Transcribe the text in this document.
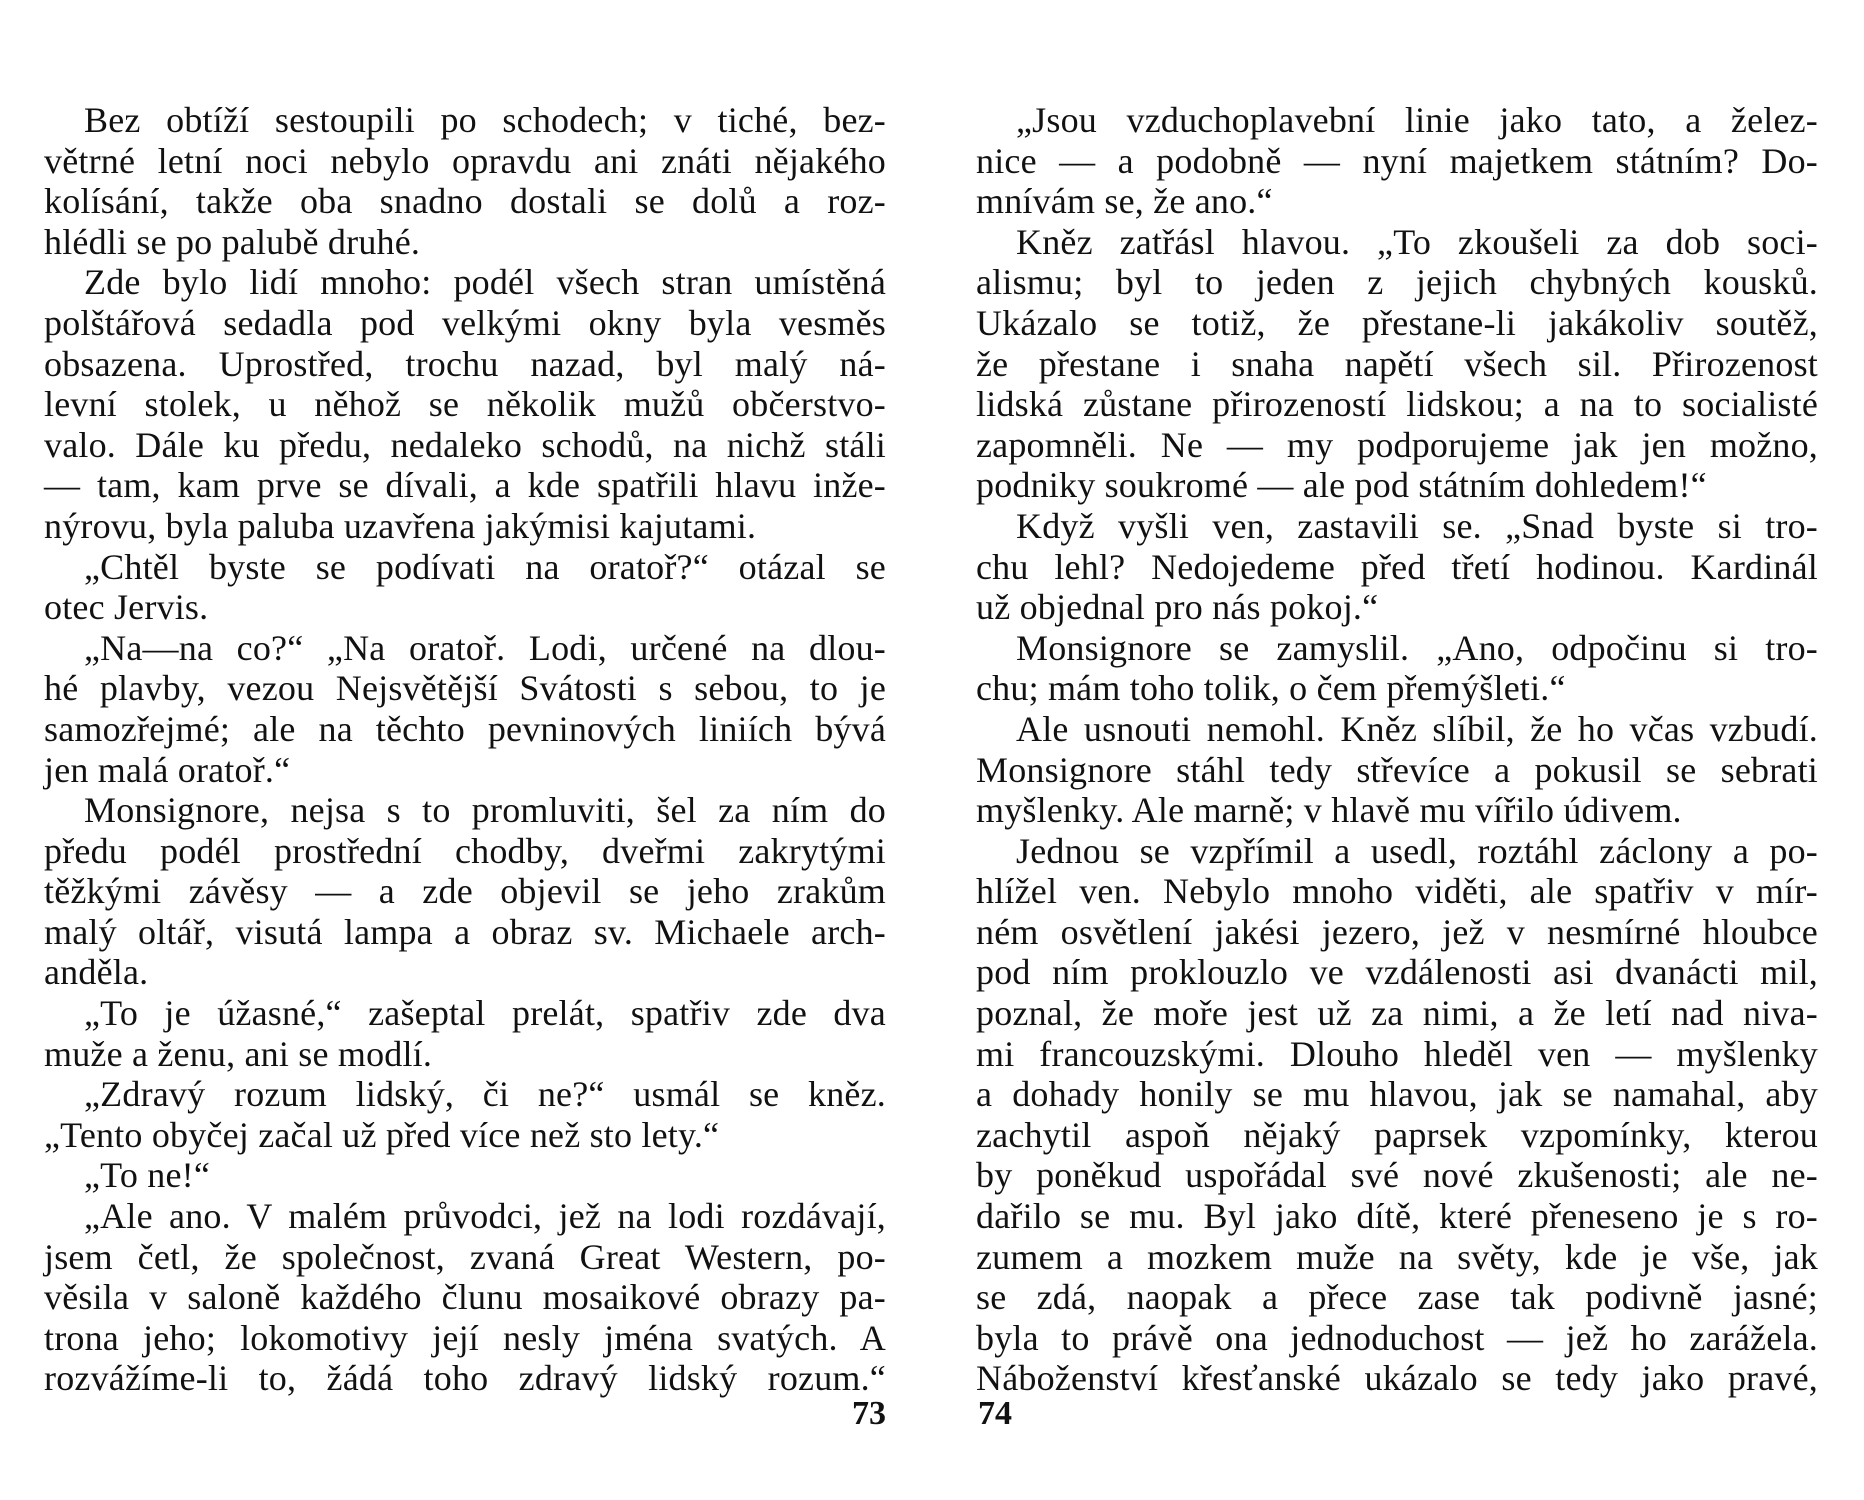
Bez obtíží sestoupili po schodech; v tiché, bez-
větrné letní noci nebylo opravdu ani znáti nějakého
kolísání, takže oba snadno dostali se dolů a roz-
hlédli se po palubě druhé.
Zde bylo lidí mnoho: podél všech stran umístěná
polštářová sedadla pod velkými okny byla vesměs
obsazena. Uprostřed, trochu nazad, byl malý ná-
levní stolek, u něhož se několik mužů občerstvo-
valo. Dále ku předu, nedaleko schodů, na nichž stáli
— tam, kam prve se dívali, a kde spatřili hlavu inže-
nýrovu, byla paluba uzavřena jakýmisi kajutami.
„Chtěl byste se podívati na oratoř?“ otázal se
otec Jervis.
„Na—na co?“ „Na oratoř. Lodi, určené na dlou-
hé plavby, vezou Nejsvětější Svátosti s sebou, to je
samozřejmé; ale na těchto pevninových liniích bývá
jen malá oratoř.“
Monsignore, nejsa s to promluviti, šel za ním do
předu podél prostřední chodby, dveřmi zakrytými
těžkými závěsy — a zde objevil se jeho zrakům
malý oltář, visutá lampa a obraz sv. Michaele arch-
anděla.
„To je úžasné,“ zašeptal prelát, spatřiv zde dva
muže a ženu, ani se modlí.
„Zdravý rozum lidský, či ne?“ usmál se kněz.
„Tento obyčej začal už před více než sto lety.“
„To ne!“
„Ale ano. V malém průvodci, jež na lodi rozdávají,
jsem četl, že společnost, zvaná Great Western, po-
věsila v saloně každého člunu mosaikové obrazy pa-
trona jeho; lokomotivy její nesly jména svatých. A
rozvážíme-li to, žádá toho zdravý lidský rozum.“
„Jsou vzduchoplavební linie jako tato, a želez-
nice — a podobně — nyní majetkem státním? Do-
mnívám se, že ano.“
Kněz zatřásl hlavou. „To zkoušeli za dob soci-
alismu; byl to jeden z jejich chybných kousků.
Ukázalo se totiž, že přestane-li jakákoliv soutěž,
že přestane i snaha napětí všech sil. Přirozenost
lidská zůstane přirozeností lidskou; a na to socialisté
zapomněli. Ne — my podporujeme jak jen možno,
podniky soukromé — ale pod státním dohledem!“
Když vyšli ven, zastavili se. „Snad byste si tro-
chu lehl? Nedojedeme před třetí hodinou. Kardinál
už objednal pro nás pokoj.“
Monsignore se zamyslil. „Ano, odpočinu si tro-
chu; mám toho tolik, o čem přemýšleti.“
Ale usnouti nemohl. Kněz slíbil, že ho včas vzbudí.
Monsignore stáhl tedy střevíce a pokusil se sebrati
myšlenky. Ale marně; v hlavě mu vířilo údivem.
Jednou se vzpřímil a usedl, roztáhl záclony a po-
hlížel ven. Nebylo mnoho viděti, ale spatřiv v mír-
ném osvětlení jakési jezero, jež v nesmírné hloubce
pod ním proklouzlo ve vzdálenosti asi dvanácti mil,
poznal, že moře jest už za nimi, a že letí nad niva-
mi francouzskými. Dlouho hleděl ven — myšlenky
a dohady honily se mu hlavou, jak se namahal, aby
zachytil aspoň nějaký paprsek vzpomínky, kterou
by poněkud uspořádal své nové zkušenosti; ale ne-
dařilo se mu. Byl jako dítě, které přeneseno je s ro-
zumem a mozkem muže na světy, kde je vše, jak
se zdá, naopak a přece zase tak podivně jasné;
byla to právě ona jednoduchost — jež ho zarážela.
Náboženství křesťanské ukázalo se tedy jako pravé,
73	74
